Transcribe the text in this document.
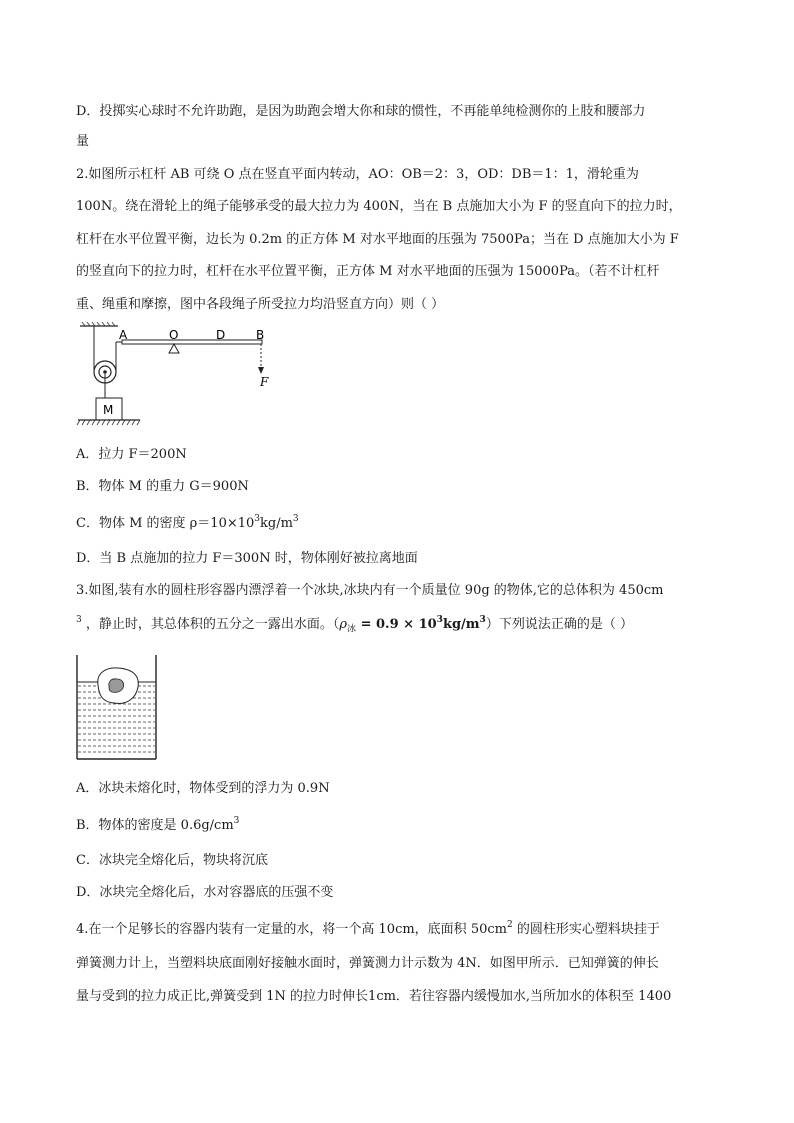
D．投掷实心球时不允许助跑，是因为助跑会增大你和球的惯性，不再能单纯检测你的上肢和腰部力
量
2.如图所示杠杆 AB 可绕 O 点在竖直平面内转动，AO：OB＝2：3，OD：DB＝1：1，滑轮重为
100N。绕在滑轮上的绳子能够承受的最大拉力为 400N，当在 B 点施加大小为 F 的竖直向下的拉力时，
杠杆在水平位置平衡，边长为 0.2m 的正方体 M 对水平地面的压强为 7500Pa；当在 D 点施加大小为 F
的竖直向下的拉力时，杠杆在水平位置平衡，正方体 M 对水平地面的压强为 15000Pa。（若不计杠杆
重、绳重和摩擦，图中各段绳子所受拉力均沿竖直方向）则（ ）
A	O	D	B
F
M
A．拉力 F＝200N
B．物体 M 的重力 G＝900N
C．物体 M 的密度 $\rho=10\times 10^3kg/m^3$
D．当 B 点施加的拉力 F＝300N 时，物体刚好被拉离地面
3.如图,装有水的圆柱形容器内漂浮着一个冰块,冰块内有一个质量位 90g 的物体,它的总体积为 450cm
$^3$ ，静止时，其总体积的五分之一露出水面。$(\rho_冰 = 0.9 \times 10^3kg/m^3)$下列说法正确的是（ ）
A．冰块未熔化时，物体受到的浮力为 0.9N
B．物体的密度是 $0.6g/cm^3$
C．冰块完全熔化后，物块将沉底
D．冰块完全熔化后，水对容器底的压强不变
4.在一个足够长的容器内装有一定量的水，将一个高 10cm，底面积 $50cm^2$ 的圆柱形实心塑料块挂于
弹簧测力计上，当塑料块底面刚好接触水面时，弹簧测力计示数为 4N．如图甲所示．已知弹簧的伸长
量与受到的拉力成正比,弹簧受到 1N 的拉力时伸长1cm．若往容器内缓慢加水,当所加水的体积至 1400
